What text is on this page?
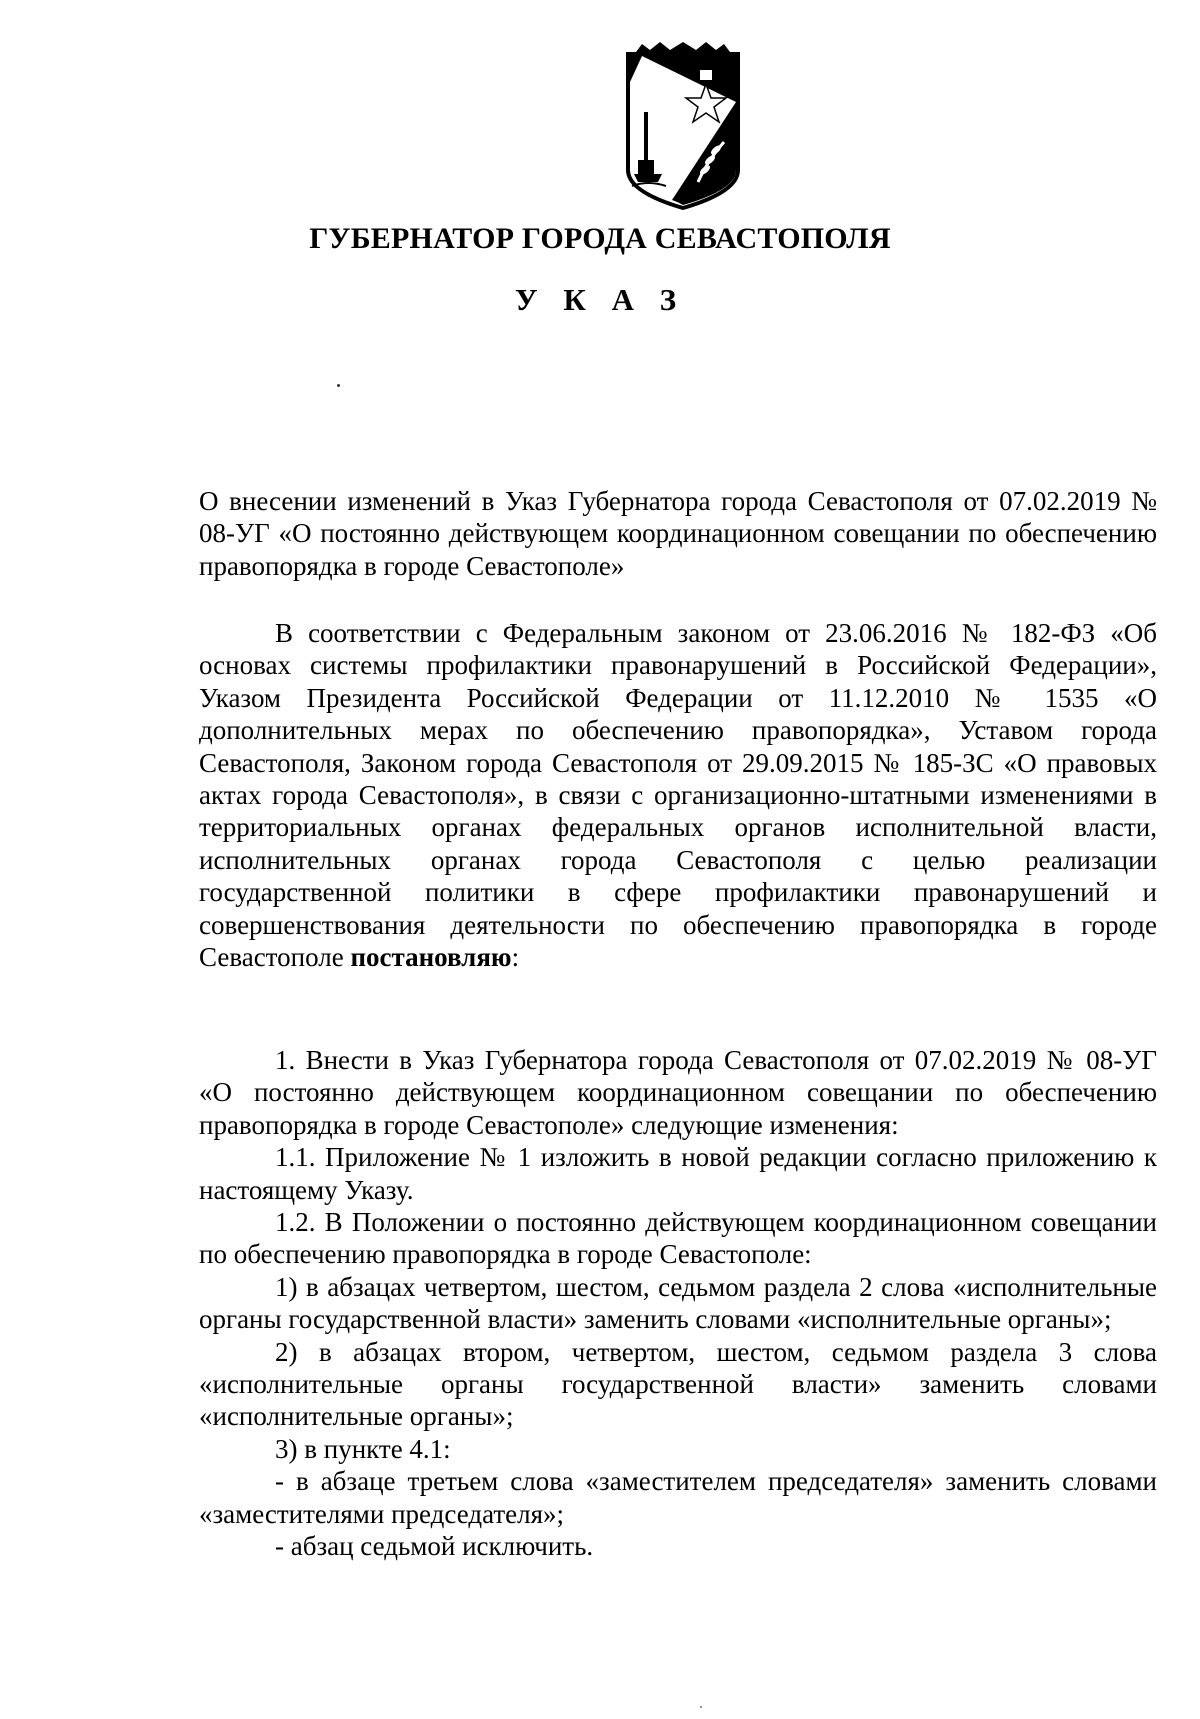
ГУБЕРНАТОР ГОРОДА СЕВАСТОПОЛЯ
У К А З
О внесении изменений в Указ Губернатора города Севастополя от 07.02.2019 № 08-УГ «О постоянно действующем координационном совещании по обеспечению правопорядка в городе Севастополе»
В соответствии с Федеральным законом от 23.06.2016 № 182-ФЗ «Об основах системы профилактики правонарушений в Российской Федерации», Указом Президента Российской Федерации от 11.12.2010 № 1535 «О дополнительных мерах по обеспечению правопорядка», Уставом города Севастополя, Законом города Севастополя от 29.09.2015 № 185-ЗС «О правовых актах города Севастополя», в связи с организационно-штатными изменениями в территориальных органах федеральных органов исполнительной власти, исполнительных органах города Севастополя с целью реализации государственной политики в сфере профилактики правонарушений и совершенствования деятельности по обеспечению правопорядка в городе Севастополе постановляю:

1. Внести в Указ Губернатора города Севастополя от 07.02.2019 № 08-УГ «О постоянно действующем координационном совещании по обеспечению правопорядка в городе Севастополе» следующие изменения:

1.1. Приложение № 1 изложить в новой редакции согласно приложению к настоящему Указу.

1.2. В Положении о постоянно действующем координационном совещании по обеспечению правопорядка в городе Севастополе:

1) в абзацах четвертом, шестом, седьмом раздела 2 слова «исполнительные органы государственной власти» заменить словами «исполнительные органы»;

2) в абзацах втором, четвертом, шестом, седьмом раздела 3 слова «исполнительные органы государственной власти» заменить словами «исполнительные органы»;

3) в пункте 4.1:

- в абзаце третьем слова «заместителем председателя» заменить словами «заместителями председателя»;

- абзац седьмой исключить.
